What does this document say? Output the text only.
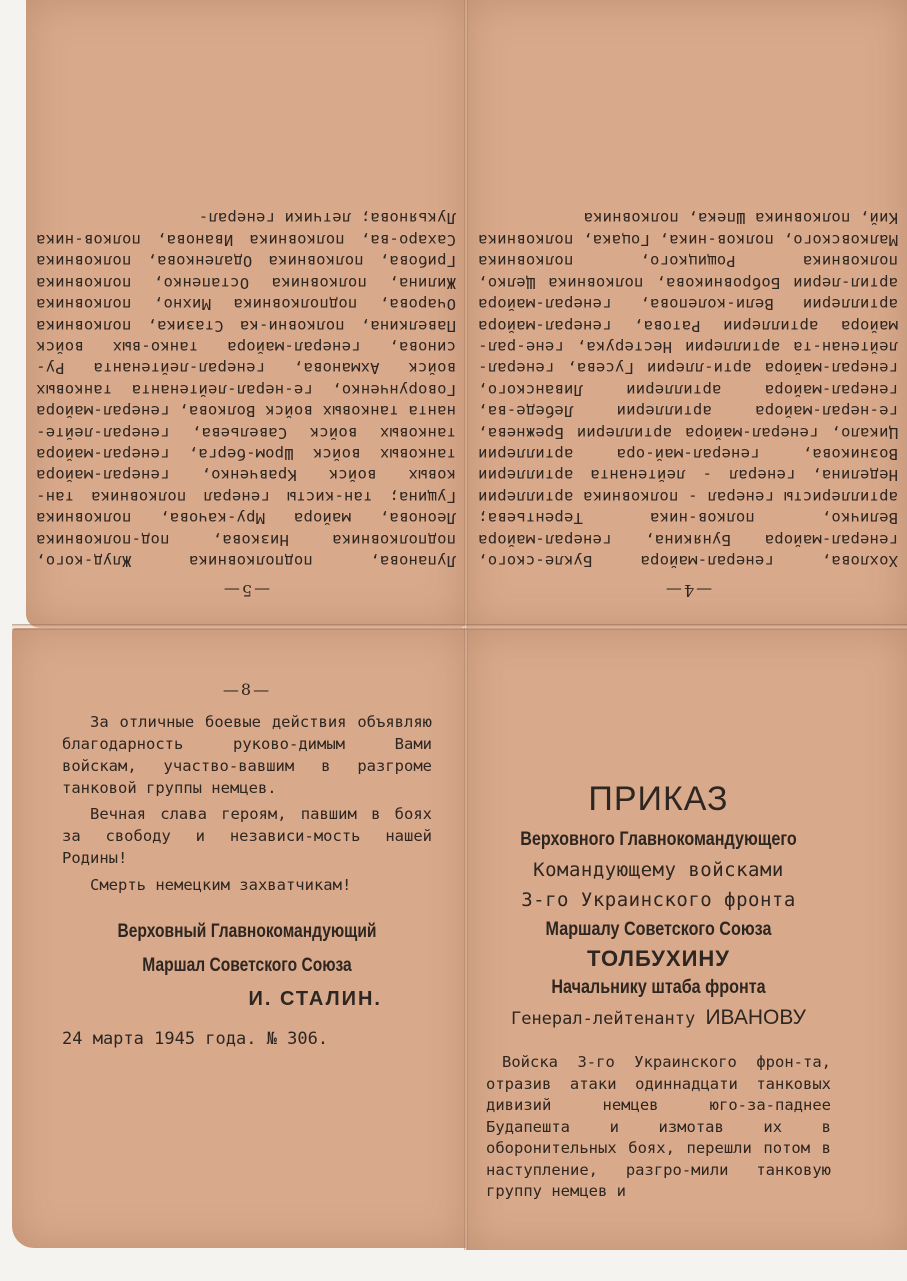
—5—

Лупанова, подполковника Жлуд-кого, подполковника Низкова, под-полковника Леонова, майора Мру-качова, полковника Гущина; тан-кисты генерал полковника тан-ковых войск Кравченко, генерал-майора танковых войск Шром-берга, генерал-майора танковых войск Савельева, генерал-лейте-нанта танковых войск Волкова, генерал-майора Говорунченко, ге-нерал-лейтенанта танковых войск Ахманова, генерал-лейтенанта Ру-синова, генерал-майора танко-вых войск Павелкина, полковни-ка Стазика, полковника Очарова, подполковника Михно, полковника Жилина, полковника Остапенко, полковника Грибова, полковника Одаленкова, полковника Сахаро-ва, полковника Иванова, полков-ника Лукьянова; летчики генерал-

—4—

Хохлова, генерал-майора Букле-ского, генерал-майора Бунякина, генерал-майора Величко, полков-ника Терентьева; артиллеристы генерал - полковника артиллерии Неделина, генерал - лейтенанта артиллерии Возникова, генерал-май-ора артиллерии Цикало, генерал-майора артиллерии Брежнева, ге-нерал-майора артиллерии Лебеде-ва, генерал-майора артиллерии Ливанского, генерал-майора арти-ллерии Гусева, генерал-лейтенан-та артиллерии Нестерука, гене-рал-майора артиллерии Ратова, генерал-майора артиллерии Вели-колепова, генерал-майора артил-лерии Бобровникова, полковника Щелко, полковника Рощицкого, полковника Малковского, полков-ника, Гоцака, полковника Кий, полковника Шпека, полковника

—8—

За отличные боевые действия объявляю благодарность руково-димым Вами войскам, участво-вавшим в разгроме танковой группы немцев.

Вечная слава героям, павшим в боях за свободу и независи-мость нашей Родины!

Смерть немецким захватчикам!

Верховный Главнокомандующий

Маршал Советского Союза

И. СТАЛИН.

24 марта 1945 года. № 306.

ПРИКАЗ

Верховного Главнокомандующего

Командующему войсками

3-го Украинского фронта

Маршалу Советского Союза

ТОЛБУХИНУ

Начальнику штаба фронта

Генерал-лейтенанту ИВАНОВУ

Войска 3-го Украинского фрон-та, отразив атаки одиннадцати танковых дивизий немцев юго-за-паднее Будапешта и измотав их в оборонительных боях, перешли потом в наступление, разгро-мили танковую группу немцев и
